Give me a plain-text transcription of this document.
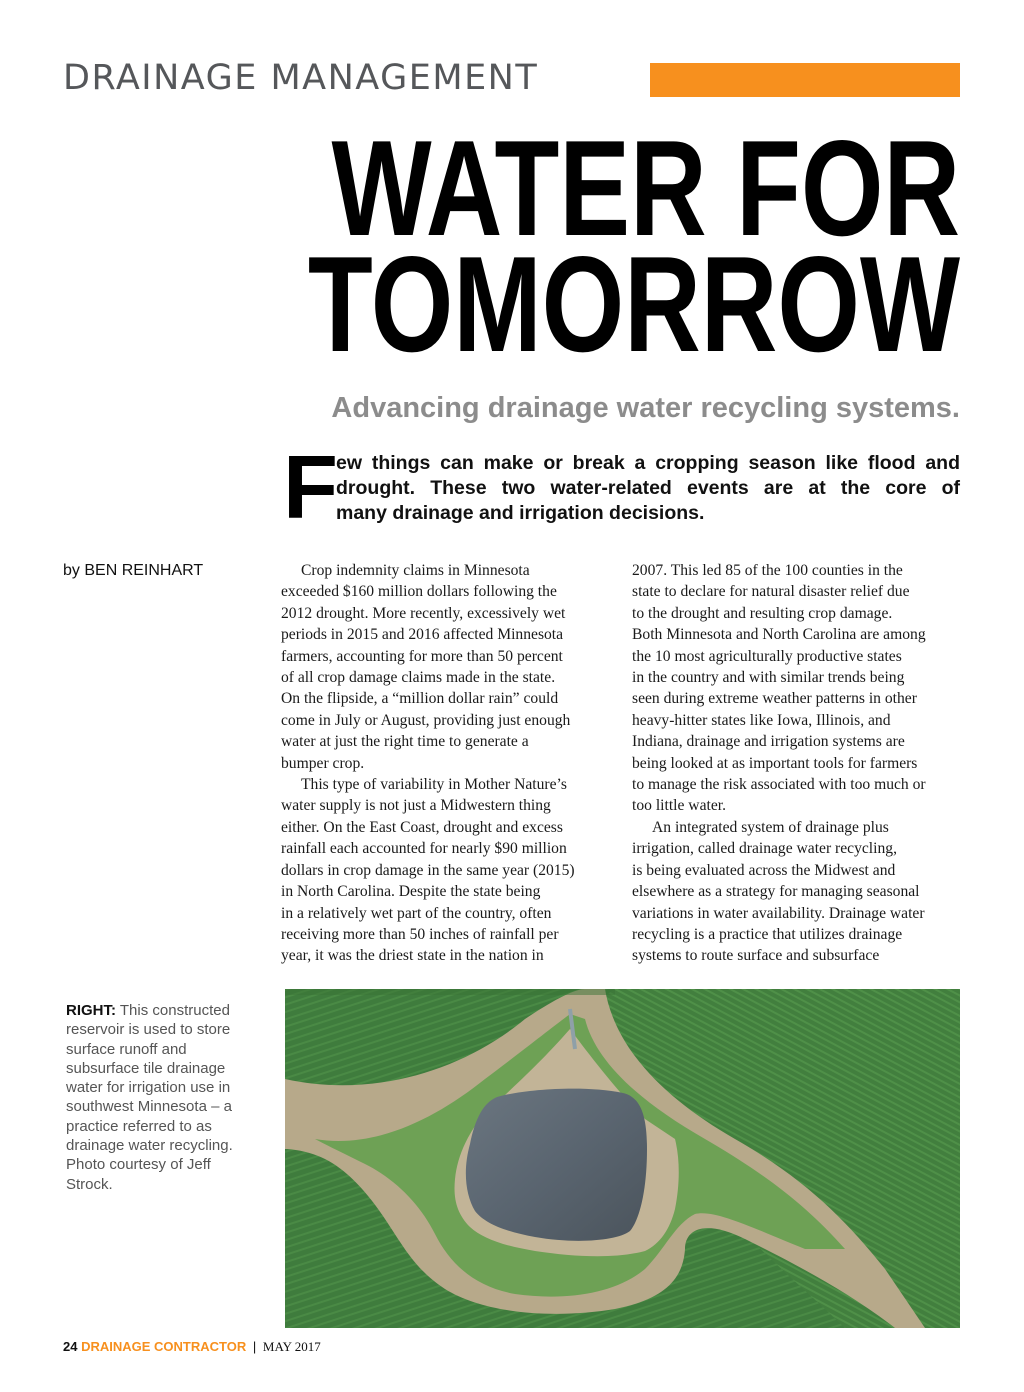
DRAINAGE MANAGEMENT
WATER FOR
TOMORROW
Advancing drainage water recycling systems.
F
ew things can make or break a cropping season like flood and
drought. These two water-related events are at the core of
many drainage and irrigation decisions.
by BEN REINHART	Crop indemnity claims in Minnesota
exceeded $160 million dollars following the
2012 drought. More recently, excessively wet
periods in 2015 and 2016 affected Minnesota
farmers, accounting for more than 50 percent
of all crop damage claims made in the state.
On the flipside, a “million dollar rain” could
come in July or August, providing just enough
water at just the right time to generate a
bumper crop.
This type of variability in Mother Nature’s
water supply is not just a Midwestern thing
either. On the East Coast, drought and excess
rainfall each accounted for nearly $90 million
dollars in crop damage in the same year (2015)
in North Carolina. Despite the state being
in a relatively wet part of the country, often
receiving more than 50 inches of rainfall per
year, it was the driest state in the nation in
2007. This led 85 of the 100 counties in the
state to declare for natural disaster relief due
to the drought and resulting crop damage.
Both Minnesota and North Carolina are among
the 10 most agriculturally productive states
in the country and with similar trends being
seen during extreme weather patterns in other
heavy-hitter states like Iowa, Illinois, and
Indiana, drainage and irrigation systems are
being looked at as important tools for farmers
to manage the risk associated with too much or
too little water.
An integrated system of drainage plus
irrigation, called drainage water recycling,
is being evaluated across the Midwest and
elsewhere as a strategy for managing seasonal
variations in water availability. Drainage water
recycling is a practice that utilizes drainage
systems to route surface and subsurface
RIGHT: This constructed reservoir is used to store surface runoff and subsurface tile drainage water for irrigation use in southwest Minnesota – a practice referred to as drainage water recycling. Photo courtesy of Jeff Strock.
24 DRAINAGE CONTRACTOR | MAY 2017
